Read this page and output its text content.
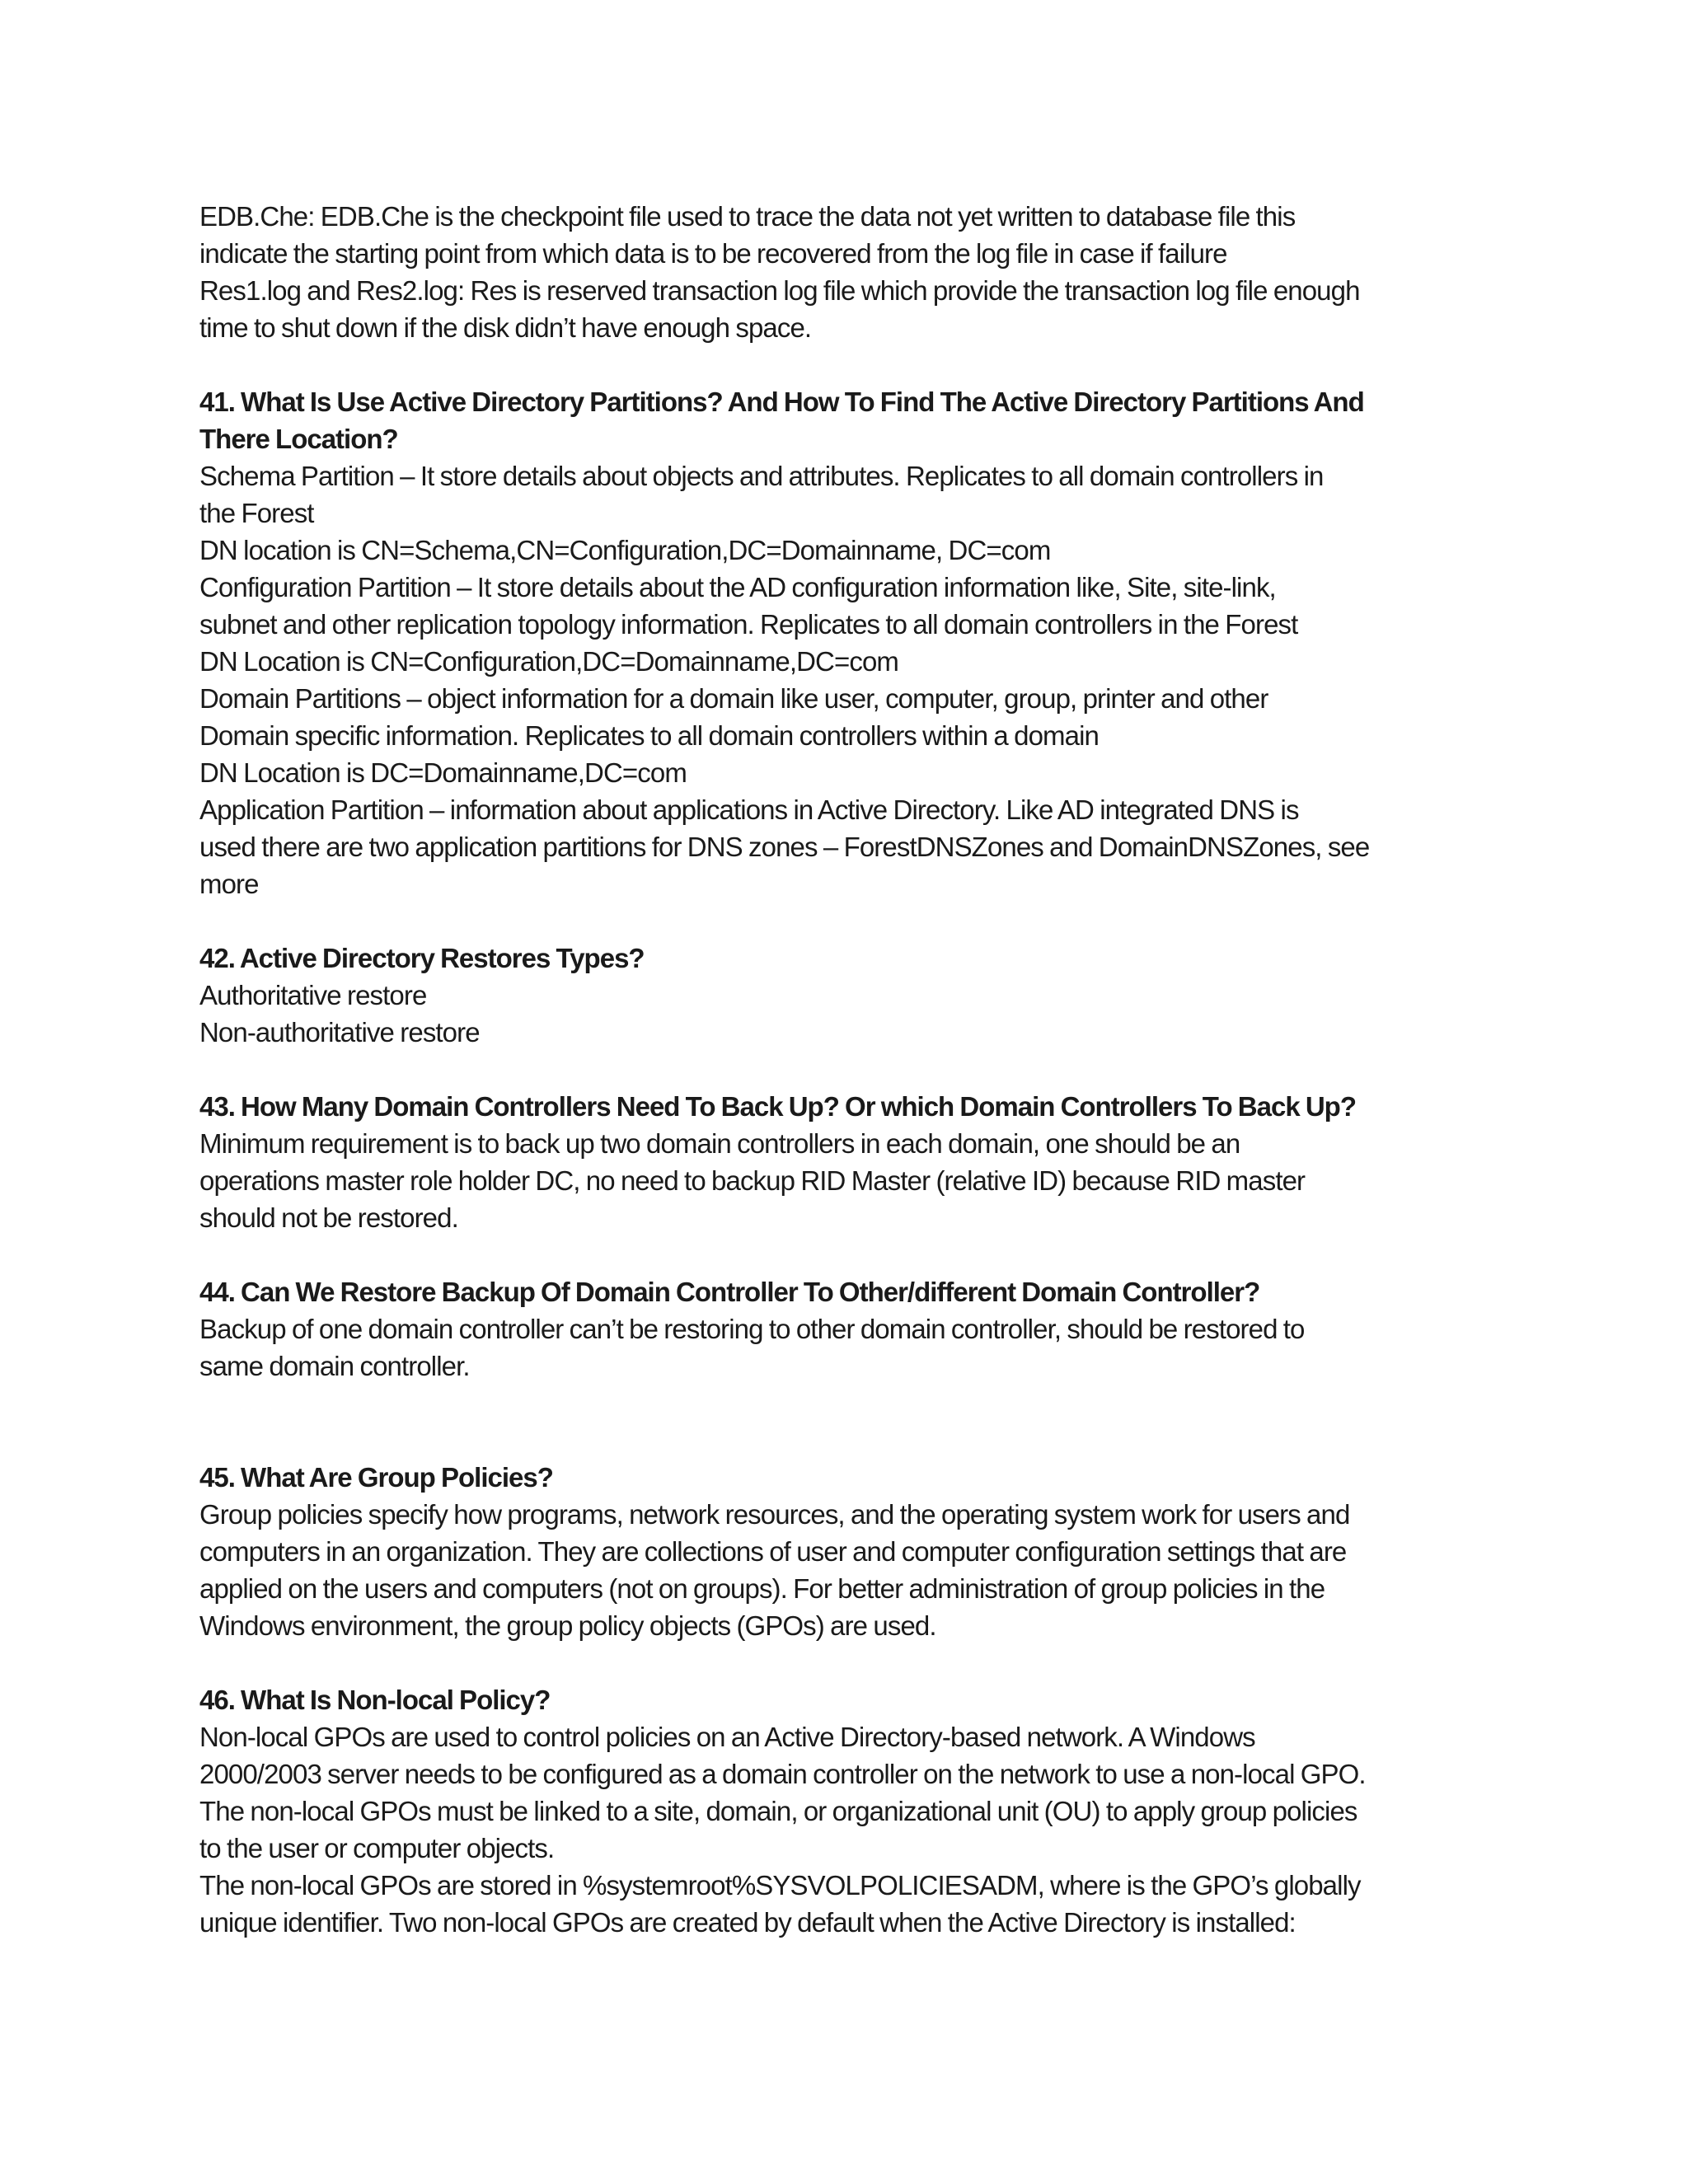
EDB.Che: EDB.Che is the checkpoint file used to trace the data not yet written to database file this
indicate the starting point from which data is to be recovered from the log file in case if failure
Res1.log and Res2.log: Res is reserved transaction log file which provide the transaction log file enough
time to shut down if the disk didn’t have enough space.
41. What Is Use Active Directory Partitions? And How To Find The Active Directory Partitions And
There Location?
Schema Partition – It store details about objects and attributes. Replicates to all domain controllers in
the Forest
DN location is CN=Schema,CN=Configuration,DC=Domainname, DC=com
Configuration Partition – It store details about the AD configuration information like, Site, site-link,
subnet and other replication topology information. Replicates to all domain controllers in the Forest
DN Location is CN=Configuration,DC=Domainname,DC=com
Domain Partitions – object information for a domain like user, computer, group, printer and other
Domain specific information. Replicates to all domain controllers within a domain
DN Location is DC=Domainname,DC=com
Application Partition – information about applications in Active Directory. Like AD integrated DNS is
used there are two application partitions for DNS zones – ForestDNSZones and DomainDNSZones, see
more
42. Active Directory Restores Types?
Authoritative restore
Non-authoritative restore
43. How Many Domain Controllers Need To Back Up? Or which Domain Controllers To Back Up?
Minimum requirement is to back up two domain controllers in each domain, one should be an
operations master role holder DC, no need to backup RID Master (relative ID) because RID master
should not be restored.
44. Can We Restore Backup Of Domain Controller To Other/different Domain Controller?
Backup of one domain controller can’t be restoring to other domain controller, should be restored to
same domain controller.
45. What Are Group Policies?
Group policies specify how programs, network resources, and the operating system work for users and
computers in an organization. They are collections of user and computer configuration settings that are
applied on the users and computers (not on groups). For better administration of group policies in the
Windows environment, the group policy objects (GPOs) are used.
46. What Is Non-local Policy?
Non-local GPOs are used to control policies on an Active Directory-based network. A Windows
2000/2003 server needs to be configured as a domain controller on the network to use a non-local GPO.
The non-local GPOs must be linked to a site, domain, or organizational unit (OU) to apply group policies
to the user or computer objects.
The non-local GPOs are stored in %systemroot%SYSVOLPOLICIESADM, where is the GPO’s globally
unique identifier. Two non-local GPOs are created by default when the Active Directory is installed:
